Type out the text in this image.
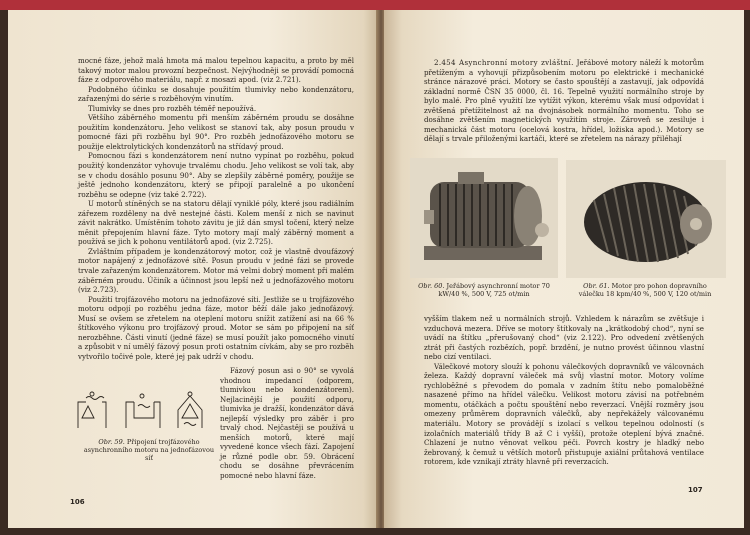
mocné fáze, jehož malá hmota má malou tepelnou kapacitu, a proto by měl takový motor malou provozní bezpečnost. Nejvýhodněji se provádí pomocná fáze z odporového materiálu, např. z mosazi apod. (viz 2.721).

Podobného účinku se dosahuje použitím tlumivky nebo kondenzátoru, zařazenými do série s rozběhovým vinutím.

Tlumivky se dnes pro rozběh téměř nepoužívá.

Většího záběrného momentu při menším záběrném proudu se dosáhne použitím kondenzátoru. Jeho velikost se stanoví tak, aby posun proudu v pomocné fázi při rozběhu byl 90°. Pro rozběh jednofázového motoru se použije elektrolytických kondenzátorů na střídavý proud.

Pomocnou fázi s kondenzátorem není nutno vypínat po rozběhu, pokud použitý kondenzátor vyhovuje trvalému chodu. Jeho velikost se volí tak, aby se v chodu dosáhlo posunu 90°. Aby se zlepšily záběrné poměry, použije se ještě jednoho kondenzátoru, který se připojí paralelně a po ukončení rozběhu se odepne (viz také 2.722).

U motorů stíněných se na statoru dělají vyniklé póly, které jsou radiálním zářezem rozděleny na dvě nestejné části. Kolem menší z nich se navinut závit nakrátko. Umístěním tohoto závitu je již dán smysl točení, který nelze měnit přepojením hlavní fáze. Tyto motory mají malý záběrný moment a používá se jich k pohonu ventilátorů apod. (viz 2.725).

Zvláštním případem je kondenzátorový motor, což je vlastně dvoufázový motor napájený z jednofázové sítě. Posun proudu v jedné fázi se provede trvale zařazeným kondenzátorem. Motor má velmi dobrý moment při malém záběrném proudu. Účiník a účinnost jsou lepší než u jednofázového motoru (viz 2.723).

Použití trojfázového motoru na jednofázové síti. Jestliže se u trojfázového motoru odpojí po rozběhu jedna fáze, motor běží dále jako jednofázový. Musí se ovšem se zřetelem na oteplení motoru snížit zatížení asi na 66 % štítkového výkonu pro trojfázový proud. Motor se sám po připojení na síť nerozběhne. Části vinutí (jedné fáze) se musí použít jako pomocného vinutí a způsobit v ní umělý fázový posun proti ostatním cívkám, aby se pro rozběh vytvořilo točivé pole, které jej pak udrží v chodu.

Fázový posun asi o 90° se vyvolá vhodnou impedancí (odporem, tlumivkou nebo kondenzátorem). Nejlacinější je použití odporu, tlumivka je dražší, kondenzátor dává nejlepší výsledky pro záběr i pro trvalý chod. Nejčastěji se používá u menších motorů, které mají vyvedené konce všech fází. Zapojení je různé podle obr. 59. Obrácení chodu se dosáhne převrácením pomocné nebo hlavní fáze.

Obr. 59. Připojení trojfázového asynchronního motoru na jednofázovou síť
106

2.454 Asynchronní motory zvláštní. Jeřábové motory náleží k motorům přetíženým a vyhovují přizpůsobením motoru po elektrické i mechanické stránce nárazové práci. Motory se často spouštějí a zastavují, jak odpovídá základní normě ČSN 35 0000, čl. 16. Tepelně využití normálního stroje by bylo malé. Pro plně využití lze vytížit výkon, kterému však musí odpovídat i zvětšená přetížitelnost až na dvojnásobek normálního momentu. Toho se dosáhne zvětšením magnetických využitím stroje. Zároveň se zesiluje i mechanická část motoru (ocelová kostra, hřídel, ložiska apod.). Motory se dělají s trvale přiloženými kartáči, které se zřetelem na nárazy přiléhají

Obr. 60. Jeřábový asynchronní motor 70 kW/40 %, 500 V, 725 ot/min
Obr. 61. Motor pro pohon dopravního válečku 18 kpm/40 %, 500 V, 120 ot/min

vyšším tlakem než u normálních strojů. Vzhledem k nárazům se zvětšuje i vzduchová mezera. Dříve se motory štítkovaly na „krátkodobý chod“, nyní se uvádí na štítku „přerušovaný chod“ (viz 2.122). Pro odvedení zvětšených ztrát při častých rozbězích, popř. brzdění, je nutno provést účinnou vlastní nebo cizí ventilaci.

Válečkové motory slouží k pohonu válečkových dopravníků ve válcovnách železa. Každý dopravní váleček má svůj vlastní motor. Motory volíme rychloběžné s převodem do pomala v zadním štítu nebo pomaloběžné nasazené přímo na hřídel válečku. Velikost motoru závisí na potřebném momentu, otáčkách a počtu spouštění nebo reverzací. Vnější rozměry jsou omezeny průměrem dopravních válečků, aby nepřekážely válcovanému materiálu. Motory se provádějí s izolací s velkou tepelnou odolností (s izolačních materiálů třídy B až C i vyšší), protože oteplení bývá značné. Chlazení je nutno věnovat velkou péči. Povrch kostry je hladký nebo žebrovaný, k čemuž u větších motorů přistupuje axiální průtahová ventilace rotorem, kde vznikají ztráty hlavně při reverzacích.

107
